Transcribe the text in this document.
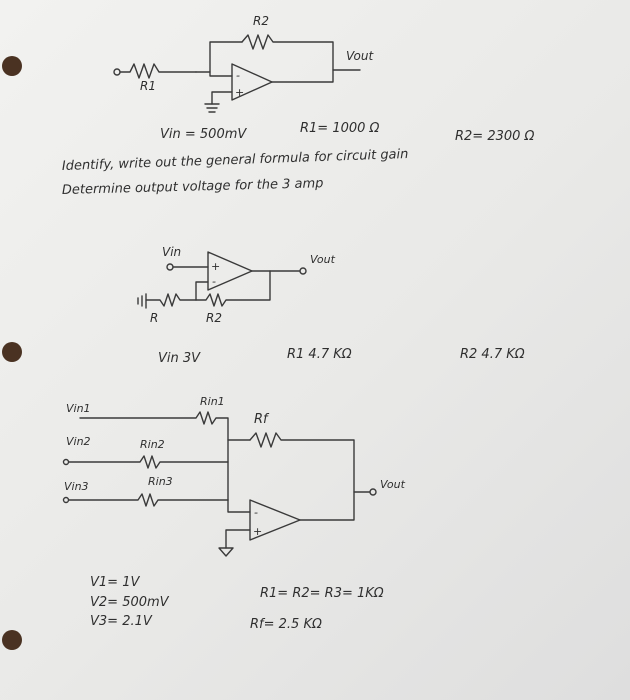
R1
R2
-
+
Vout
Vin = 500mV	R1= 1000 Ω
R2= 2300 Ω
Identify, write out the general formula for circuit gain
Determine output voltage for the 3 amp
Vin
+
-
Vout
R2
R
Vin 3V	R1 4.7 KΩ	R2 4.7 KΩ
Vin1
Rin1
Vin2	Rin2
Vin3	Rin3
Rf
-
+
Vout
V1= 1V
V2= 500mV
V3= 2.1V
R1= R2= R3= 1KΩ
Rf= 2.5 KΩ
